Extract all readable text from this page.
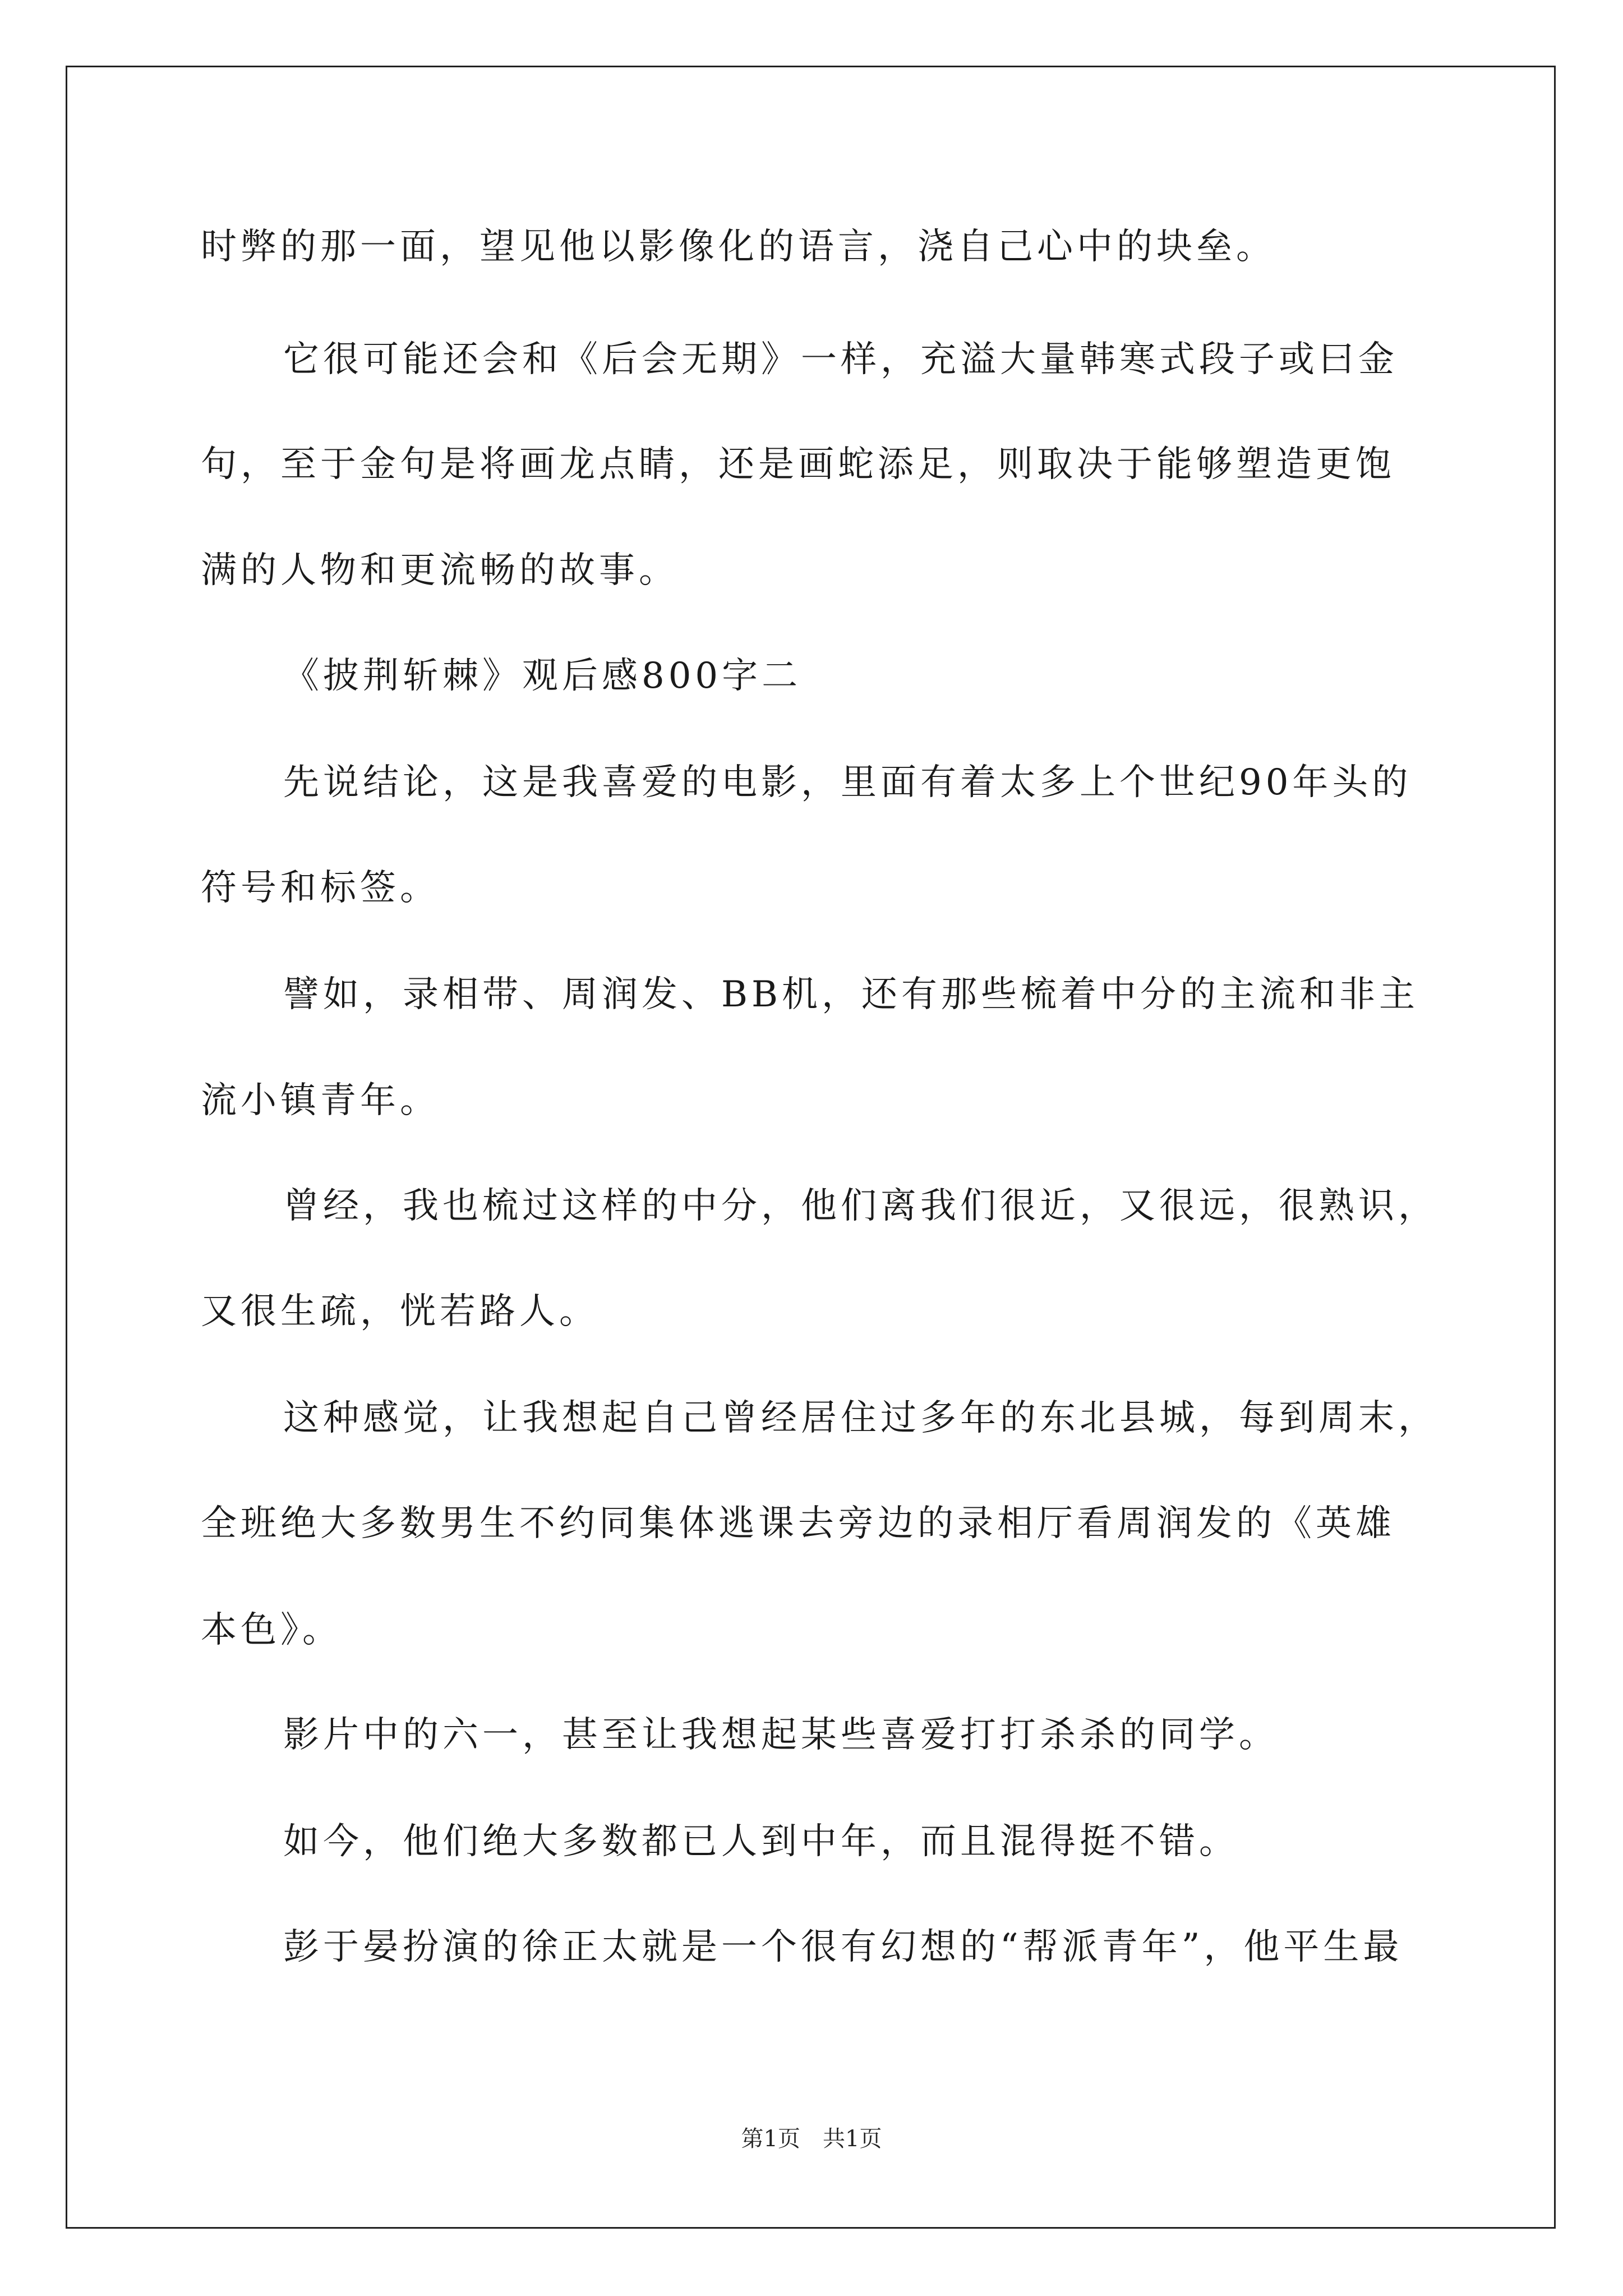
时弊的那一面，望见他以影像化的语言，浇自己心中的块垒。
它很可能还会和《后会无期》一样，充溢大量韩寒式段子或曰金
句，至于金句是将画龙点睛，还是画蛇添足，则取决于能够塑造更饱
满的人物和更流畅的故事。
《披荆斩棘》观后感800字二
先说结论，这是我喜爱的电影，里面有着太多上个世纪90年头的
符号和标签。
譬如，录相带、周润发、BB机，还有那些梳着中分的主流和非主
流小镇青年。
曾经，我也梳过这样的中分，他们离我们很近，又很远，很熟识，
又很生疏，恍若路人。
这种感觉，让我想起自己曾经居住过多年的东北县城，每到周末，
全班绝大多数男生不约同集体逃课去旁边的录相厅看周润发的《英雄
本色》。
影片中的六一，甚至让我想起某些喜爱打打杀杀的同学。
如今，他们绝大多数都已人到中年，而且混得挺不错。
彭于晏扮演的徐正太就是一个很有幻想的“帮派青年”，他平生最
第1页　共1页
